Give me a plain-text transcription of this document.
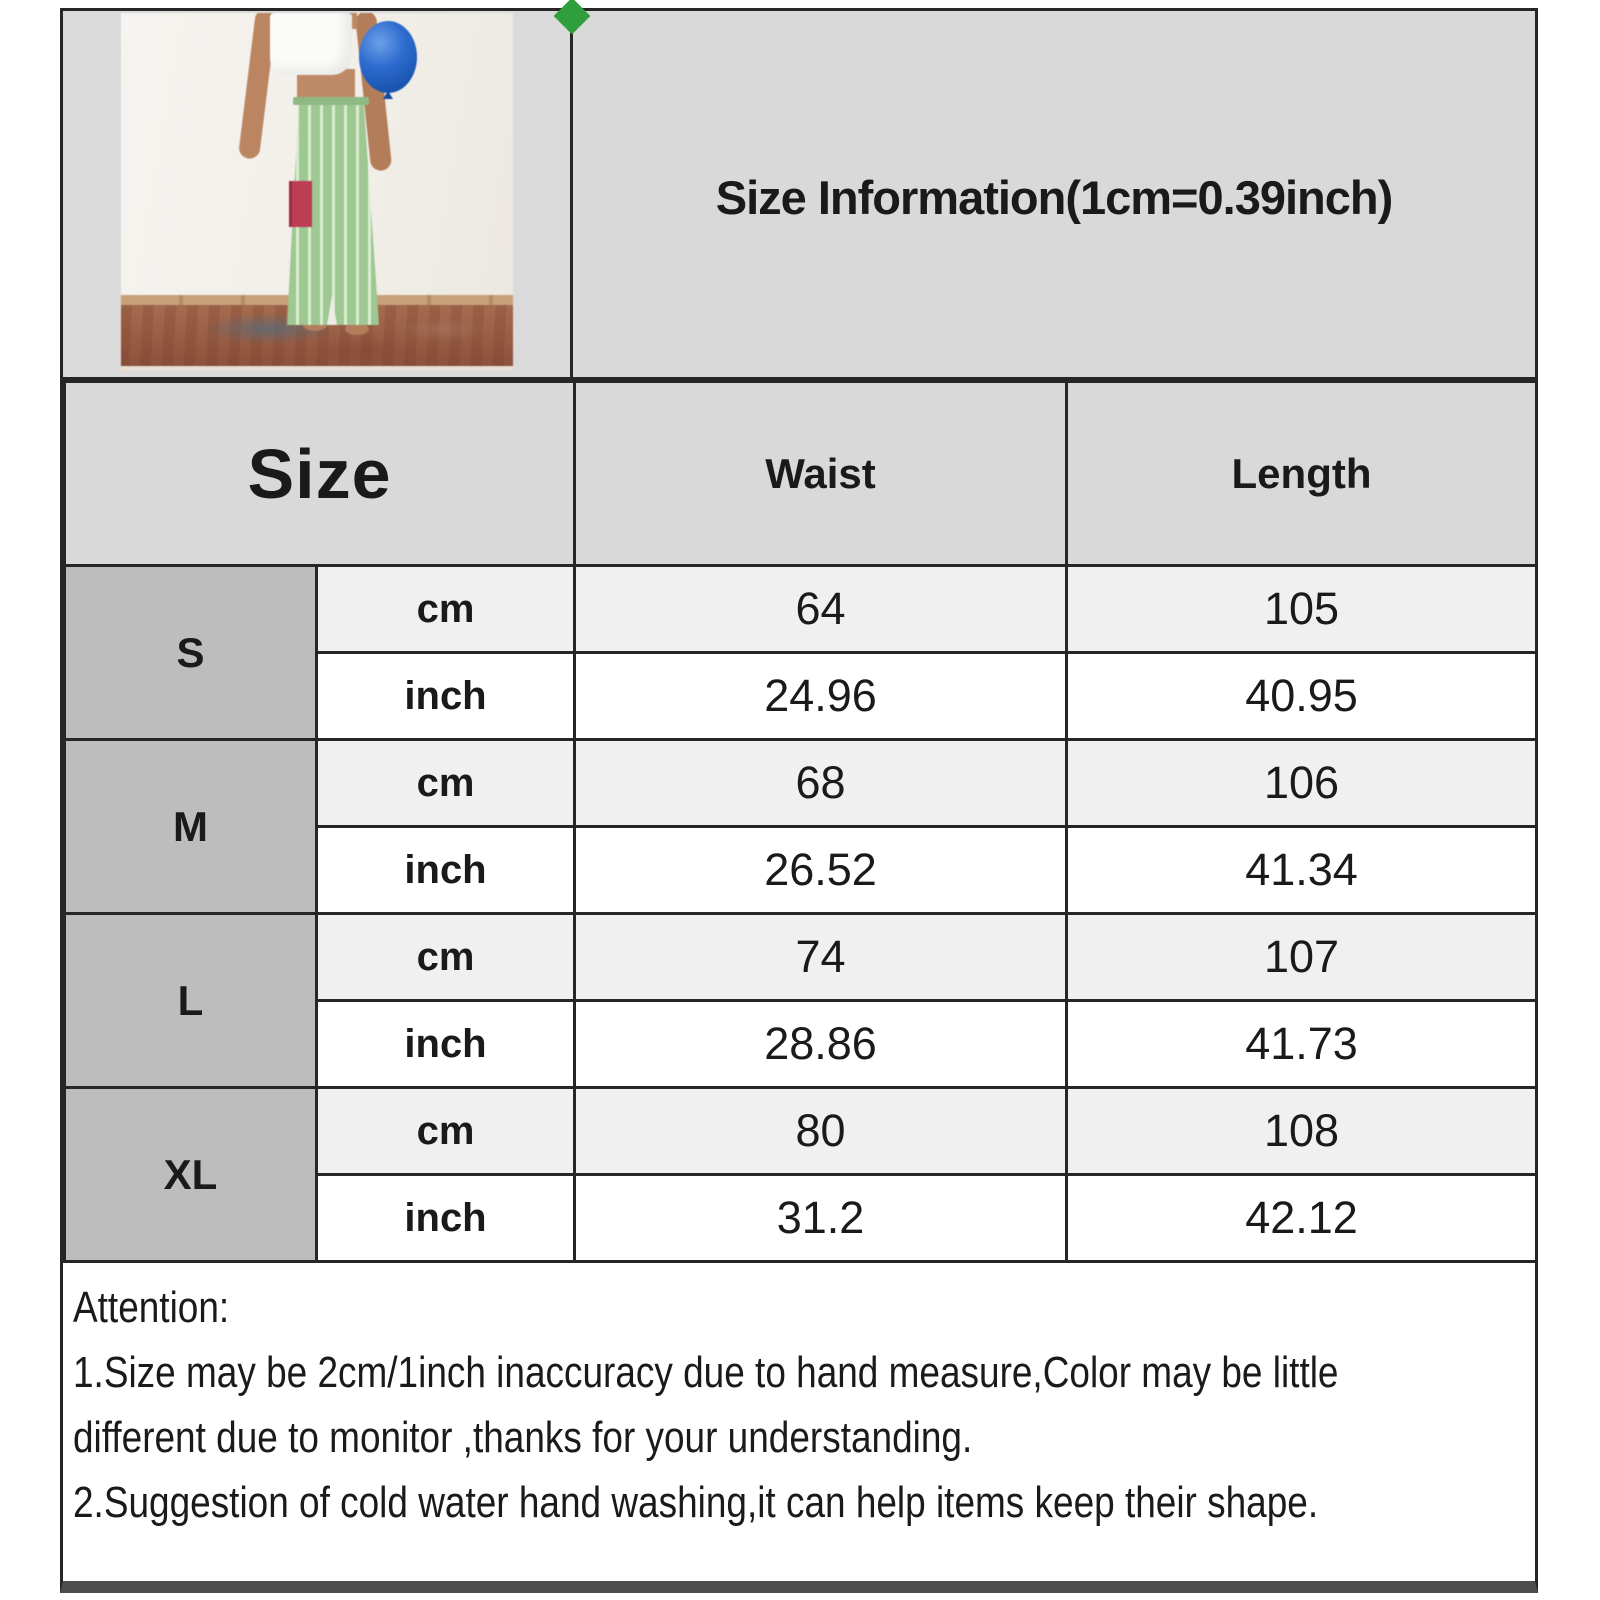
Size Information(1cm=0.39inch)
Size		Waist	Length
S	cm	64	105
	inch	24.96	40.95
M	cm	68	106
	inch	26.52	41.34
L	cm	74	107
	inch	28.86	41.73
XL	cm	80	108
	inch	31.2	42.12
Attention:
1.Size may be 2cm/1inch inaccuracy due to hand measure,Color may be little
different due to monitor ,thanks for your understanding.
2.Suggestion of cold water hand washing,it can help items keep their shape.
